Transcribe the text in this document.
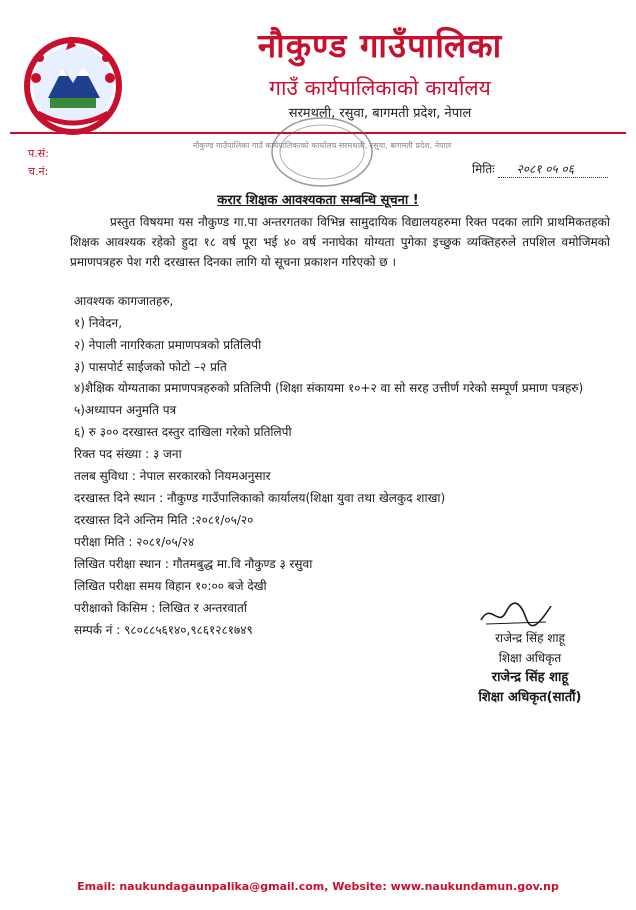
नौकुण्ड गाउँपालिका
गाउँ कार्यपालिकाको कार्यालय
सरमथली, रसुवा, बागमती प्रदेश, नेपाल
नौकुण्ड गाउँपालिका गाउँ कार्यपालिकाको कार्यालय सरमथली, रसुवा, बागमती प्रदेश, नेपाल
प.सं:
च.नं:	मितिः २०८१ ०५ ०६
करार शिक्षक आवश्यकता सम्बन्धि सूचना !
प्रस्तुत विषयमा यस नौकुण्ड गा.पा अन्तरगतका विभिन्न सामुदायिक विद्यालयहरुमा रिक्त पदका लागि प्राथमिकतहको शिक्षक आवश्यक रहेको हुदा १८ वर्ष पूरा भई ४० वर्ष ननाघेका योग्यता पुगेका इच्छुक व्यक्तिहरुले तपशिल वमोजिमको प्रमाणपत्रहरु पेश गरी दरखास्त दिनका लागि यो सूचना प्रकाशन गरिएको छ ।
आवश्यक कागजातहरु,
१) निवेदन,
२) नेपाली नागरिकता प्रमाणपत्रको प्रतिलिपी
३) पासपोर्ट साईजको फोटो –२ प्रति
४)शैक्षिक योग्यताका प्रमाणपत्रहरुको प्रतिलिपी (शिक्षा संकायमा १०+२ वा सो सरह उत्तीर्ण गरेको सम्पूर्ण प्रमाण पत्रहरु)
५)अध्यापन अनुमति पत्र
६) रु ३०० दरखास्त दस्तुर दाखिला गरेको प्रतिलिपी
रिक्त पद संख्या : ३ जना
तलब सुविधा : नेपाल सरकारको नियमअनुसार
दरखास्त दिने स्थान : नौकुण्ड गाउँपालिकाको कार्यालय(शिक्षा युवा तथा खेलकुद शाखा)
दरखास्त दिने अन्तिम मिति :२०८१/०५/२०
परीक्षा मिति : २०८१/०५/२४
लिखित परीक्षा स्थान : गौतमबुद्ध मा.वि नौकुण्ड ३ रसुवा
लिखित परीक्षा समय विहान १०:०० बजे देखी
परीक्षाको किसिम : लिखित र अन्तरवार्ता
सम्पर्क नं : ९८०८८५६१४०,९८६१२८१७४९
राजेन्द्र सिंह शाहू
शिक्षा अधिकृत
राजेन्द्र सिंह शाहू
शिक्षा अधिकृत(सातौं)
Email: naukundagaunpalika@gmail.com, Website: www.naukundamun.gov.np
